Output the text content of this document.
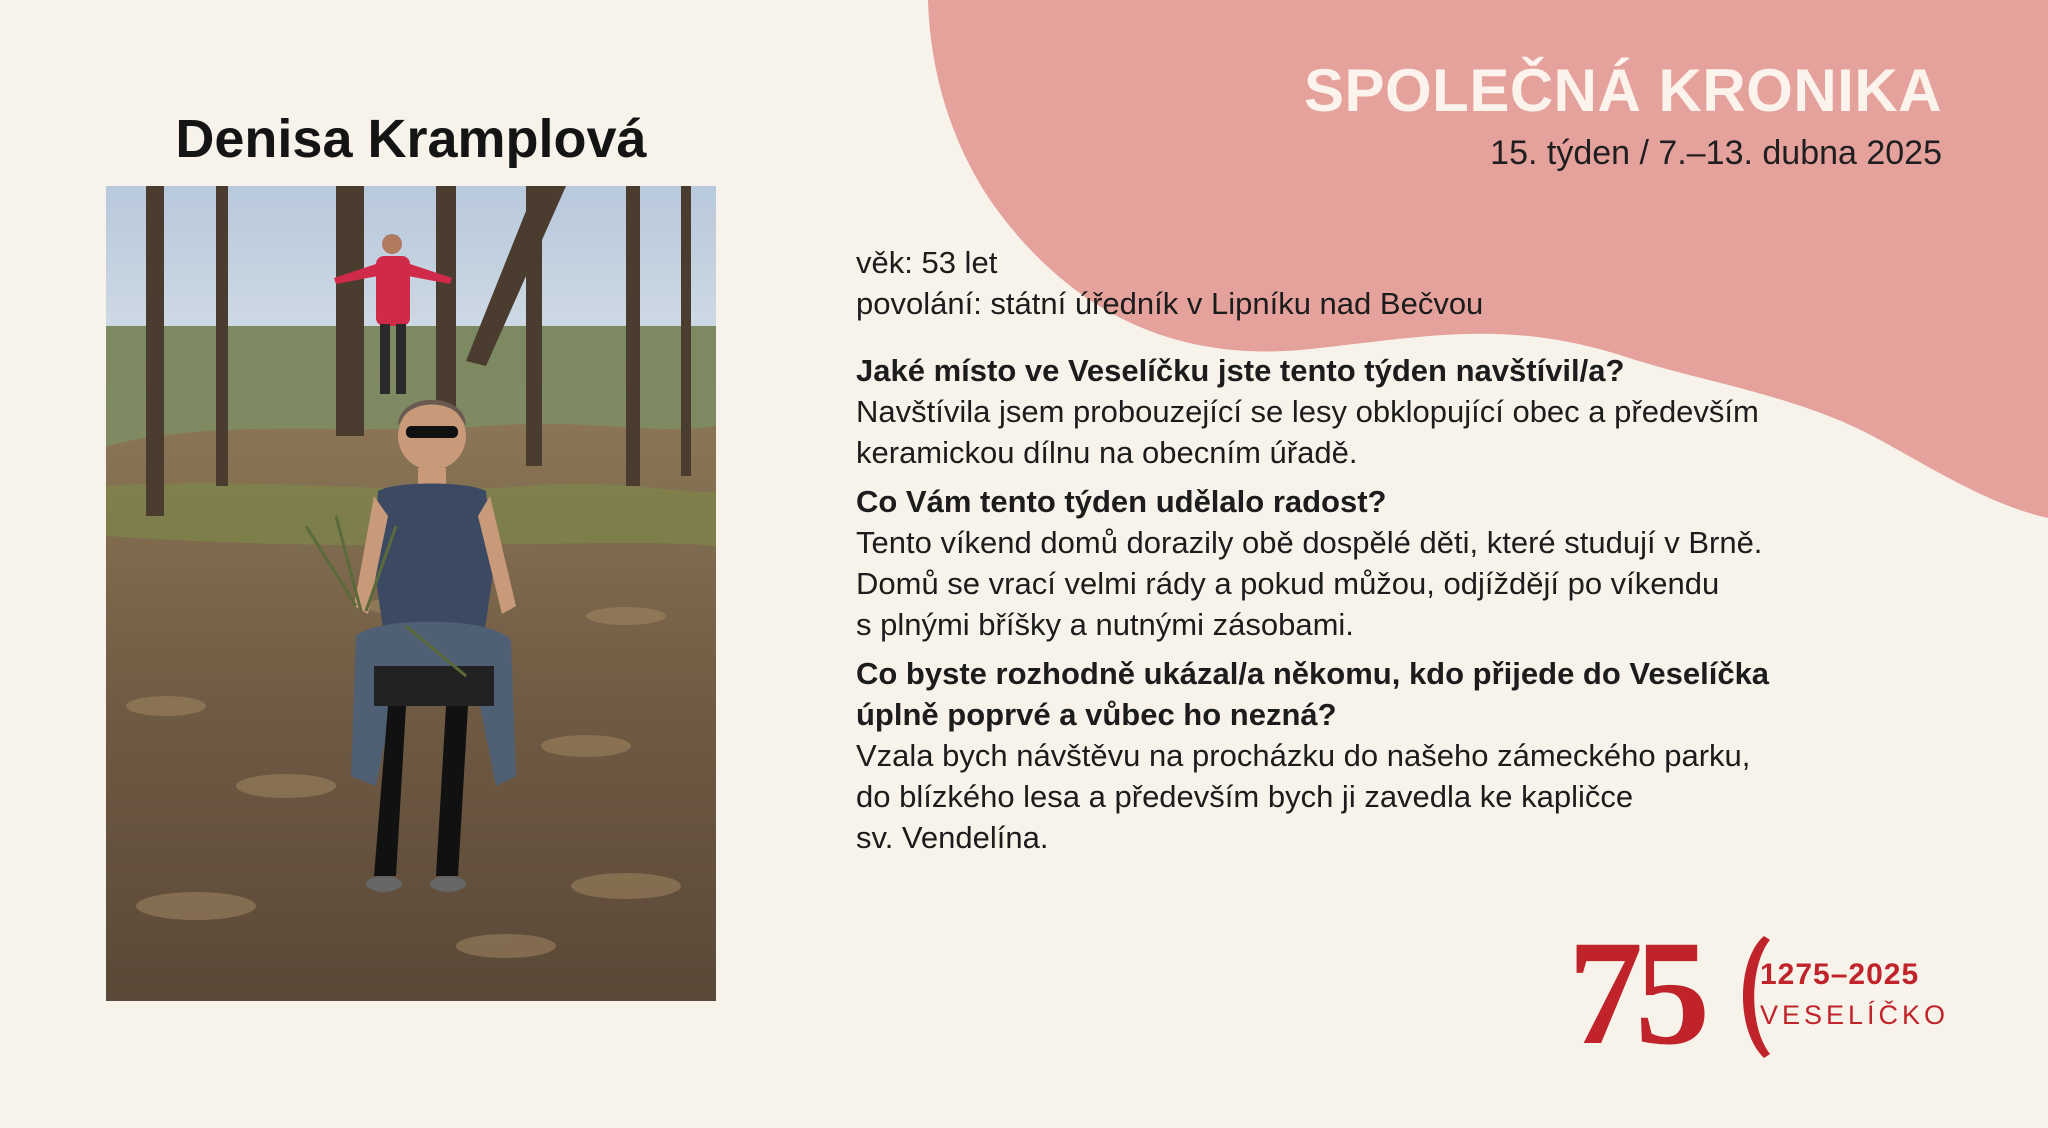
SPOLEČNÁ KRONIKA
15. týden / 7.–13. dubna 2025
Denisa Kramplová
věk: 53 let
povolání: státní úředník v Lipníku nad Bečvou
Jaké místo ve Veselíčku jste tento týden navštívil/a?
Navštívila jsem probouzející se lesy obklopující obec a především
keramickou dílnu na obecním úřadě.
Co Vám tento týden udělalo radost?
Tento víkend domů dorazily obě dospělé děti, které studují v Brně.
Domů se vrací velmi rády a pokud můžou, odjíždějí po víkendu
s plnými bříšky a nutnými zásobami.
Co byste rozhodně ukázal/a někomu, kdo přijede do Veselíčka
úplně poprvé a vůbec ho nezná?
Vzala bych návštěvu na procházku do našeho zámeckého parku,
do blízkého lesa a především bych ji zavedla ke kapličce
sv. Vendelína.
75 1275–2025
VESELÍČKO
